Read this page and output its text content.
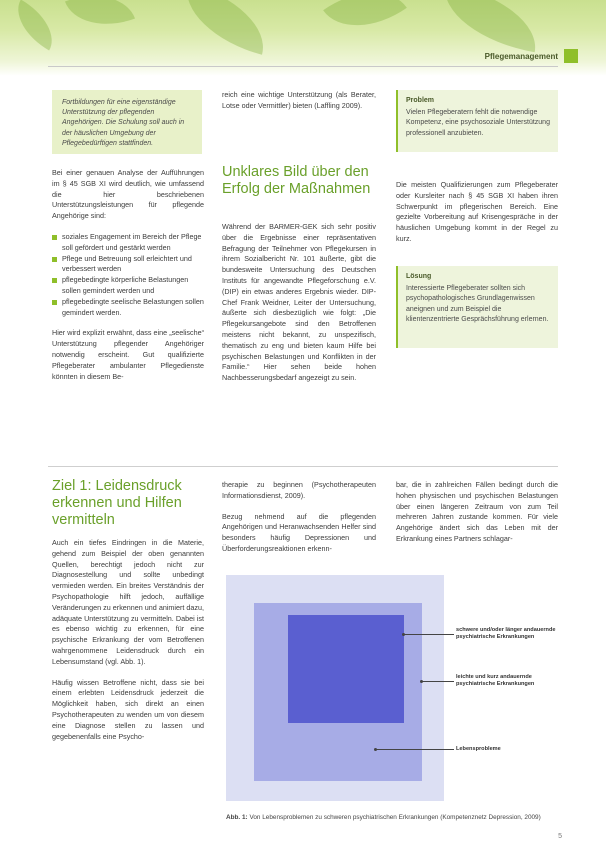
Pflegemanagement
Fortbildungen für eine eigenständige Unterstützung der pflegenden Angehörigen. Die Schulung soll auch in der häuslichen Umgebung der Pflegebedürftigen stattfinden.

Bei einer genauen Analyse der Aufführungen im § 45 SGB XI wird deutlich, wie umfassend die hier beschriebenen Unterstützungsleistungen für pflegende Angehörige sind:

soziales Engagement im Bereich der Pflege soll gefördert und gestärkt werden
Pflege und Betreuung soll erleichtert und verbessert werden
pflegebedingte körperliche Belastungen sollen gemindert werden und
pflegebedingte seelische Belastungen sollen gemindert werden.

Hier wird explizit erwähnt, dass eine „seelische“ Unterstützung pflegender Angehöriger notwendig erscheint. Gut qualifizierte Pflegeberater ambulanter Pflegedienste könnten in diesem Be-

reich eine wichtige Unterstützung (als Berater, Lotse oder Vermittler) bieten (Laffling 2009).

Unklares Bild über den Erfolg der Maßnahmen

Während der BARMER-GEK sich sehr positiv über die Ergebnisse einer repräsentativen Befragung der Teilnehmer von Pflegekursen in ihrem Sozialbericht Nr. 101 äußerte, gibt die bundesweite Untersuchung des Deutschen Instituts für angewandte Pflegeforschung e.V. (DIP) ein etwas anderes Ergebnis wieder. DIP-Chef Frank Weidner, Leiter der Untersuchung, äußerte sich diesbezüglich wie folgt: „Die Pflegekursangebote sind den Betroffenen meistens nicht bekannt, zu unspezifisch, thematisch zu eng und bieten kaum Hilfe bei psychischen Belastungen und Konflikten in der Familie.“ Hier sehen beide hohen Nachbesserungsbedarf angezeigt zu sein.

Problem
Vielen Pflegeberatern fehlt die notwendige Kompetenz, eine psychosoziale Unterstützung professionell anzubieten.

Die meisten Qualifizierungen zum Pflegeberater oder Kursleiter nach § 45 SGB XI haben ihren Schwerpunkt im pflegerischen Bereich. Eine gezielte Vorbereitung auf Krisengespräche in der häuslichen Umgebung kommt in der Regel zu kurz.

Lösung
Interessierte Pflegeberater sollten sich psychopathologisches Grundlagenwissen aneignen und zum Beispiel die klientenzentrierte Gesprächsführung erlernen.
Ziel 1: Leidensdruck erkennen und Hilfen vermitteln

Auch ein tiefes Eindringen in die Materie, gehend zum Beispiel der oben genannten Quellen, berechtigt jedoch nicht zur Diagnosestellung und sollte unbedingt vermieden werden. Ein breites Verständnis der Psychopathologie hilft jedoch, auffällige Veränderungen zu erkennen und animiert dazu, adäquate Unterstützung zu vermitteln. Dabei ist es ebenso wichtig zu erkennen, für eine psychische Erkrankung der vom Betroffenen wahrgenommene Leidensdruck durch ein Lebensumstand (vgl. Abb. 1).

Häufig wissen Betroffene nicht, dass sie bei einem erlebten Leidensdruck jederzeit die Möglichkeit haben, sich direkt an einen Psychotherapeuten zu wenden um von diesem eine Diagnose stellen zu lassen und gegebenenfalls eine Psycho-

therapie zu beginnen (Psychotherapeuten Informationsdienst, 2009).

Bezug nehmend auf die pflegenden Angehörigen und Heranwachsenden Helfer sind besonders häufig Depressionen und Überforderungsreaktionen erkenn-

bar, die in zahlreichen Fällen bedingt durch die hohen physischen und psychischen Belastungen über einen längeren Zeitraum von zum Teil mehreren Jahren zustande kommen. Für viele Angehörige ändert sich das Leben mit der Erkrankung eines Partners schlagar-

schwere und/oder länger andauernde psychiatrische Erkrankungen
leichte und kurz andauernde psychiatrische Erkrankungen
Lebensprobleme
Abb. 1: Von Lebensproblemen zu schweren psychiatrischen Erkrankungen (Kompetenznetz Depression, 2009)
5
